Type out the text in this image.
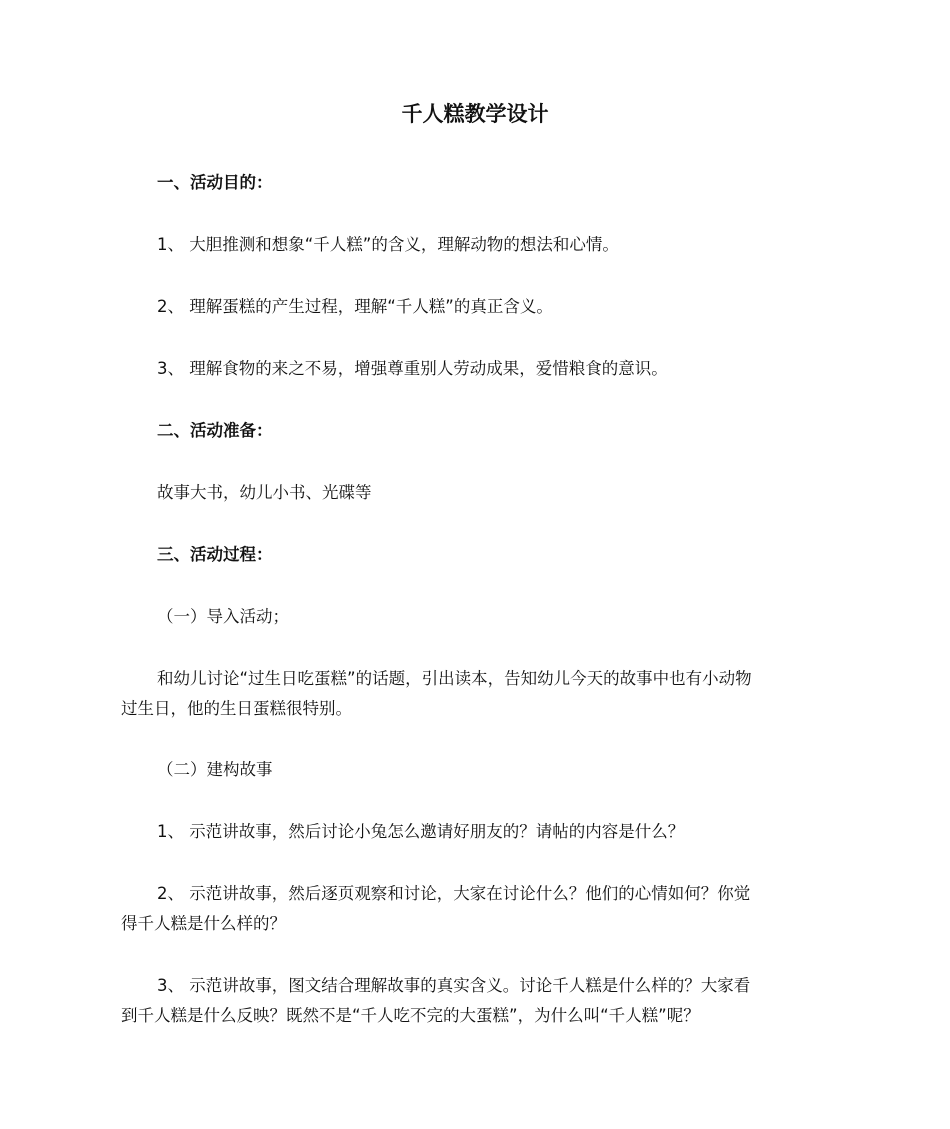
千人糕教学设计
一、活动目的：
1、 大胆推测和想象“千人糕”的含义，理解动物的想法和心情。
2、 理解蛋糕的产生过程，理解“千人糕”的真正含义。
3、 理解食物的来之不易，增强尊重别人劳动成果，爱惜粮食的意识。
二、活动准备：
故事大书，幼儿小书、光碟等
三、活动过程：
（一）导入活动；
和幼儿讨论“过生日吃蛋糕”的话题，引出读本，告知幼儿今天的故事中也有小动物
过生日，他的生日蛋糕很特别。
（二）建构故事
1、 示范讲故事，然后讨论小兔怎么邀请好朋友的？请帖的内容是什么？
2、 示范讲故事，然后逐页观察和讨论，大家在讨论什么？他们的心情如何？你觉
得千人糕是什么样的？
3、 示范讲故事，图文结合理解故事的真实含义。讨论千人糕是什么样的？大家看
到千人糕是什么反映？既然不是“千人吃不完的大蛋糕”，为什么叫“千人糕”呢？
